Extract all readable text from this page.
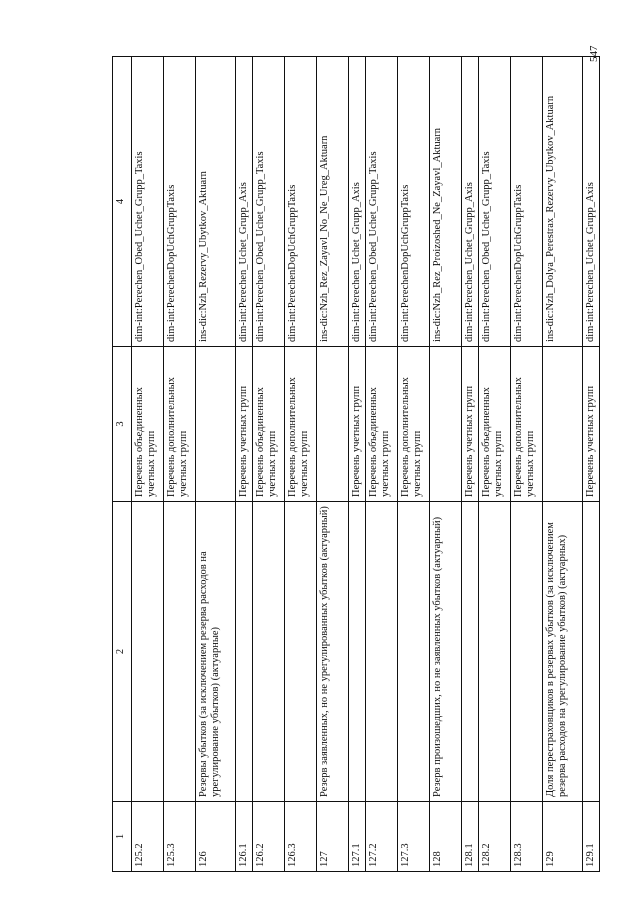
547
1	2	3	4
125.2		Перечень объединенных учетных групп	dim-int:Perechen_Obed_Uchet_Grupp_Taxis
125.3		Перечень дополнительных учетных групп	dim-int:PerechenDopUchGruppTaxis
126	Резервы убытков (за исключением резерва расходов на урегулирование убытков) (актуарные)		ins-dic:Nzh_Rezervy_Ubytkov_Aktuarn
126.1		Перечень учетных групп	dim-int:Perechen_Uchet_Grupp_Axis
126.2		Перечень объединенных учетных групп	dim-int:Perechen_Obed_Uchet_Grupp_Taxis
126.3		Перечень дополнительных учетных групп	dim-int:PerechenDopUchGruppTaxis
127	Резерв заявленных, но не урегулированных убытков (актуарный)		ins-dic:Nzh_Rez_Zayavl_No_Ne_Ureg_Aktuarn
127.1		Перечень учетных групп	dim-int:Perechen_Uchet_Grupp_Axis
127.2		Перечень объединенных учетных групп	dim-int:Perechen_Obed_Uchet_Grupp_Taxis
127.3		Перечень дополнительных учетных групп	dim-int:PerechenDopUchGruppTaxis
128	Резерв произошедших, но не заявленных убытков (актуарный)		ins-dic:Nzh_Rez_Proizoshed_Ne_Zayavl_Aktuarn
128.1		Перечень учетных групп	dim-int:Perechen_Uchet_Grupp_Axis
128.2		Перечень объединенных учетных групп	dim-int:Perechen_Obed_Uchet_Grupp_Taxis
128.3		Перечень дополнительных учетных групп	dim-int:PerechenDopUchGruppTaxis
129	Доля перестраховщиков в резервах убытков (за исключением резерва расходов на урегулирование убытков) (актуарных)		ins-dic:Nzh_Dolya_Perestrax_Rezervy_Ubytkov_Aktuarn
129.1		Перечень учетных групп	dim-int:Perechen_Uchet_Grupp_Axis
